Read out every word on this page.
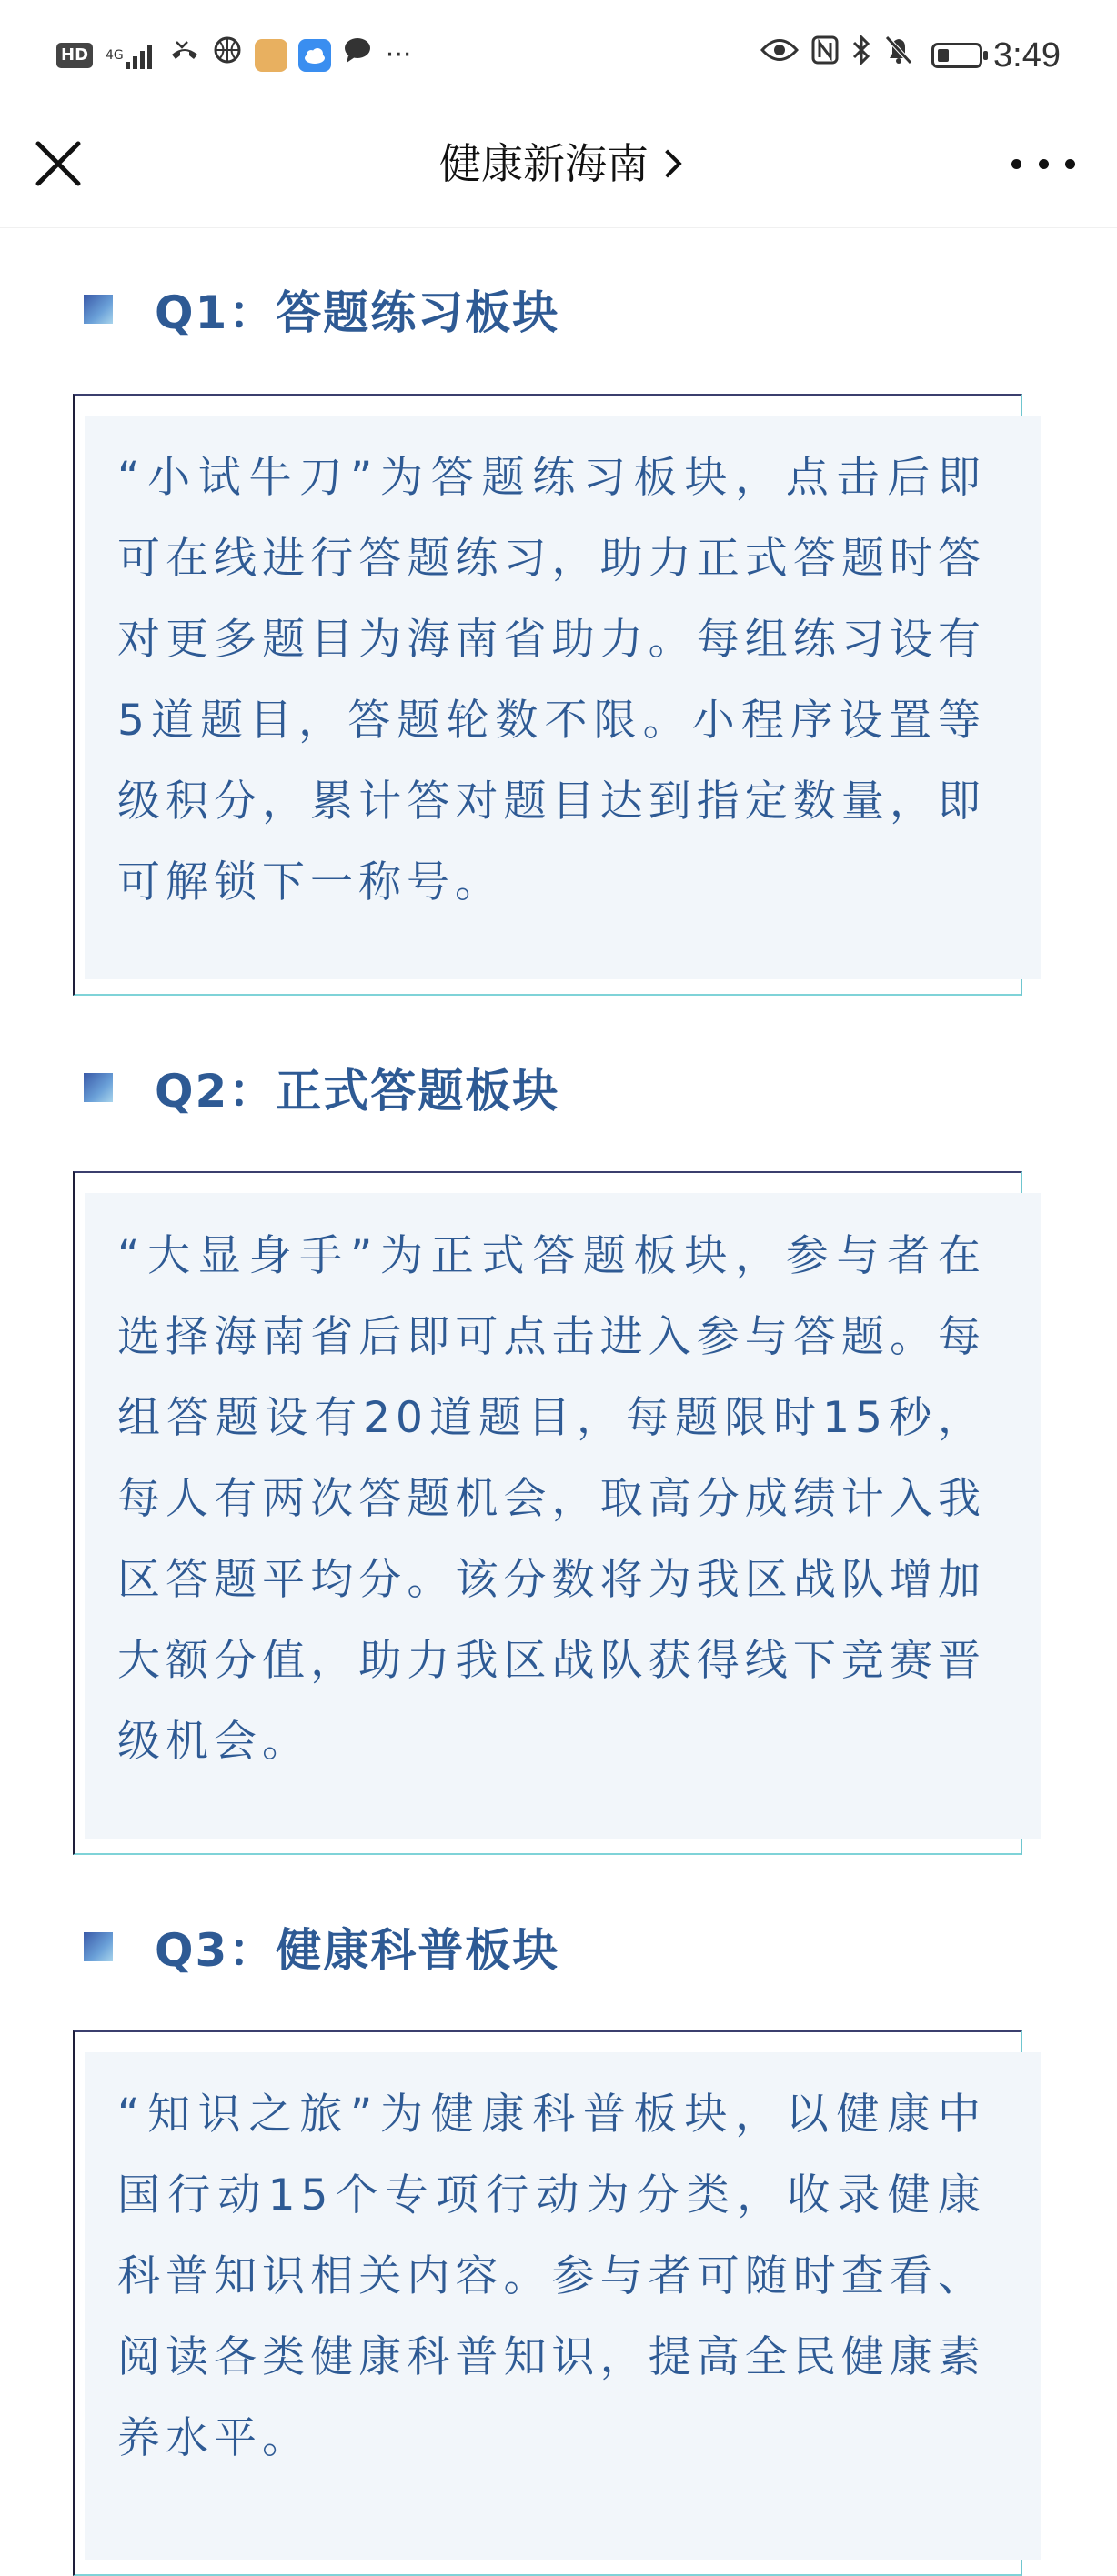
HD	4G	···	3:49
健康新海南
Q1：答题练习板块
“小试牛刀”为答题练习板块，点击后即可在线进行答题练习，助力正式答题时答对更多题目为海南省助力。每组练习设有5道题目，答题轮数不限。小程序设置等级积分，累计答对题目达到指定数量，即可解锁下一称号。
Q2：正式答题板块
“大显身手”为正式答题板块，参与者在选择海南省后即可点击进入参与答题。每组答题设有20道题目，每题限时15秒，每人有两次答题机会，取高分成绩计入我区答题平均分。该分数将为我区战队增加大额分值，助力我区战队获得线下竞赛晋级机会。
Q3：健康科普板块
“知识之旅”为健康科普板块，以健康中国行动15个专项行动为分类，收录健康科普知识相关内容。参与者可随时查看、阅读各类健康科普知识，提高全民健康素养水平。
